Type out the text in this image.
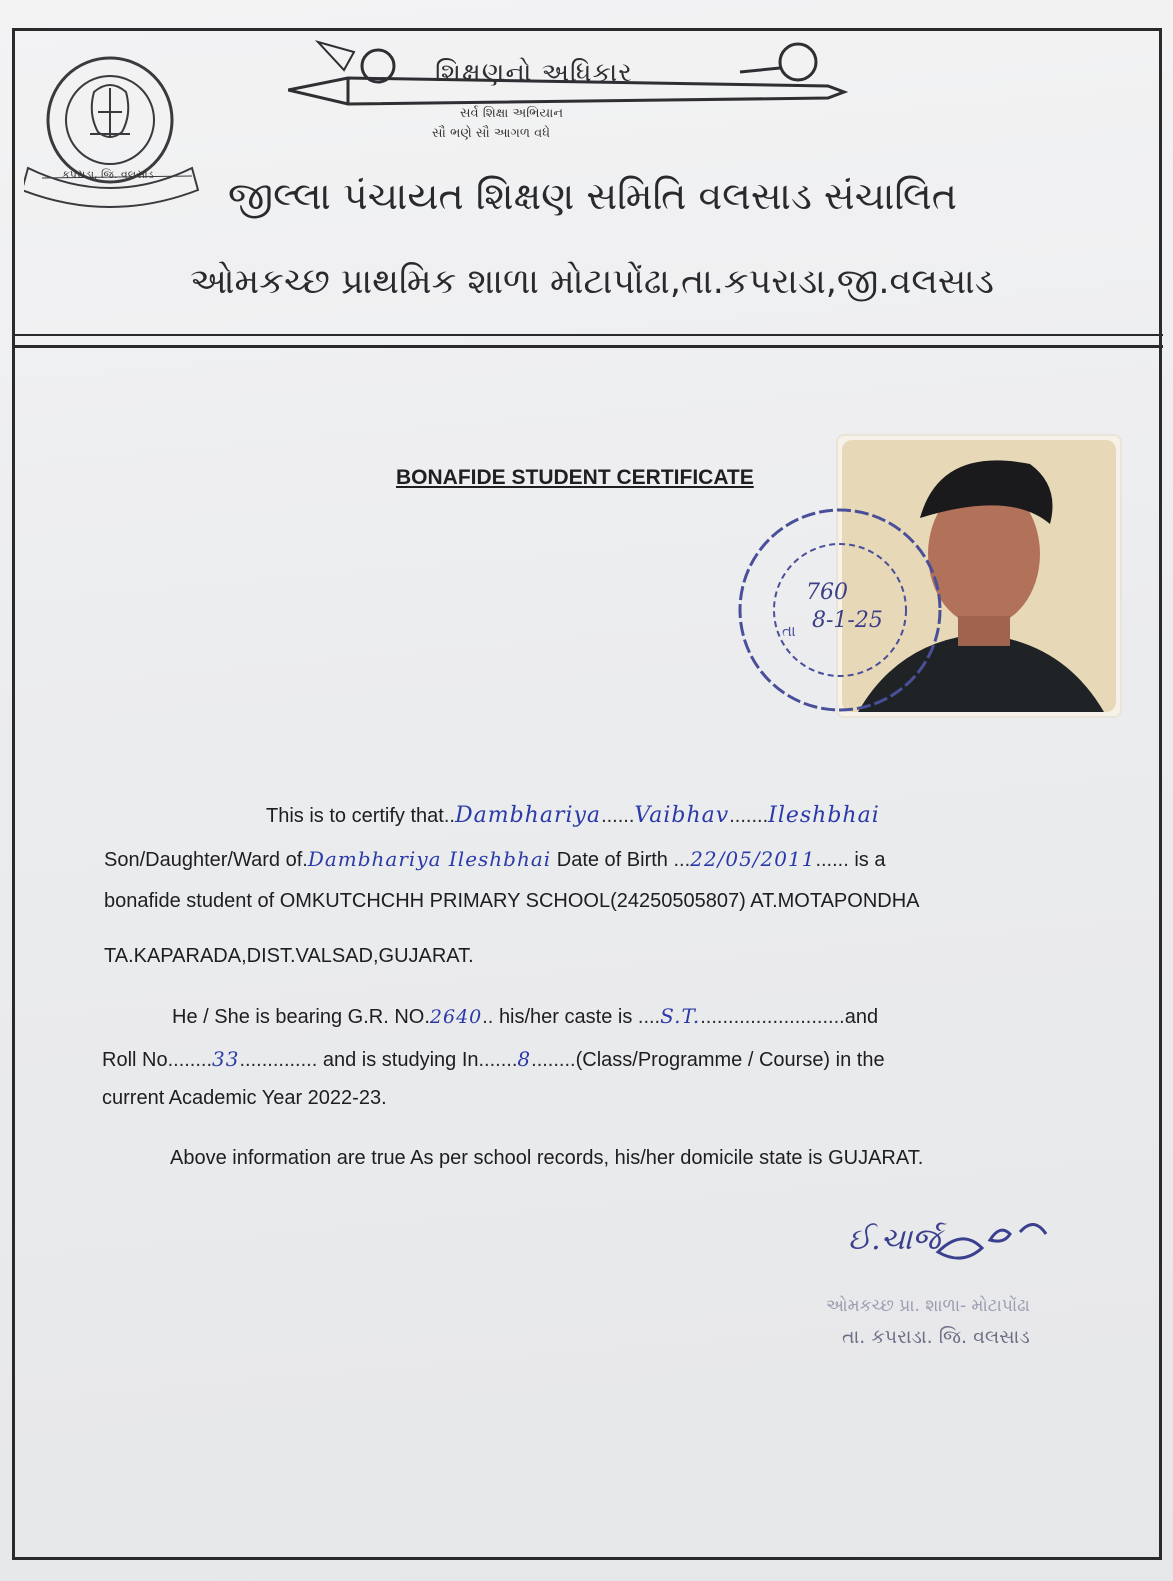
કપરાડા, જિ. વલસાડ
શિક્ષણનો અધિકાર
સર્વ શિક્ષા અભિયાન
સૌ ભણે સૌ આગળ વધે
જીલ્લા પંચાયત શિક્ષણ સમિતિ વલસાડ સંચાલિત
ઓમકચ્છ પ્રાથમિક શાળા મોટાપોંઢા,તા.કપરાડા,જી.વલસાડ
BONAFIDE STUDENT CERTIFICATE
760
તા 8-1-25
This is to certify that..Dambhariya......Vaibhav.......Ileshbhai
Son/Daughter/Ward of.Dambhariya Ileshbhai Date of Birth ...22/05/2011...... is a
bonafide student of OMKUTCHCHH PRIMARY SCHOOL(24250505807) AT.MOTAPONDHA
TA.KAPARADA,DIST.VALSAD,GUJARAT.
He / She is bearing G.R. NO.2640.. his/her caste is ....S.T...........................and
Roll No........33.............. and is studying In.......8........(Class/Programme / Course) in the
current Academic Year 2022-23.
Above information are true As per school records, his/her domicile state is GUJARAT.
ઈ.ચાર્જ
ઓમકચ્છ પ્રા. શાળા- મોટાપોંઢા
તા. કપરાડા. જિ. વલસાડ
